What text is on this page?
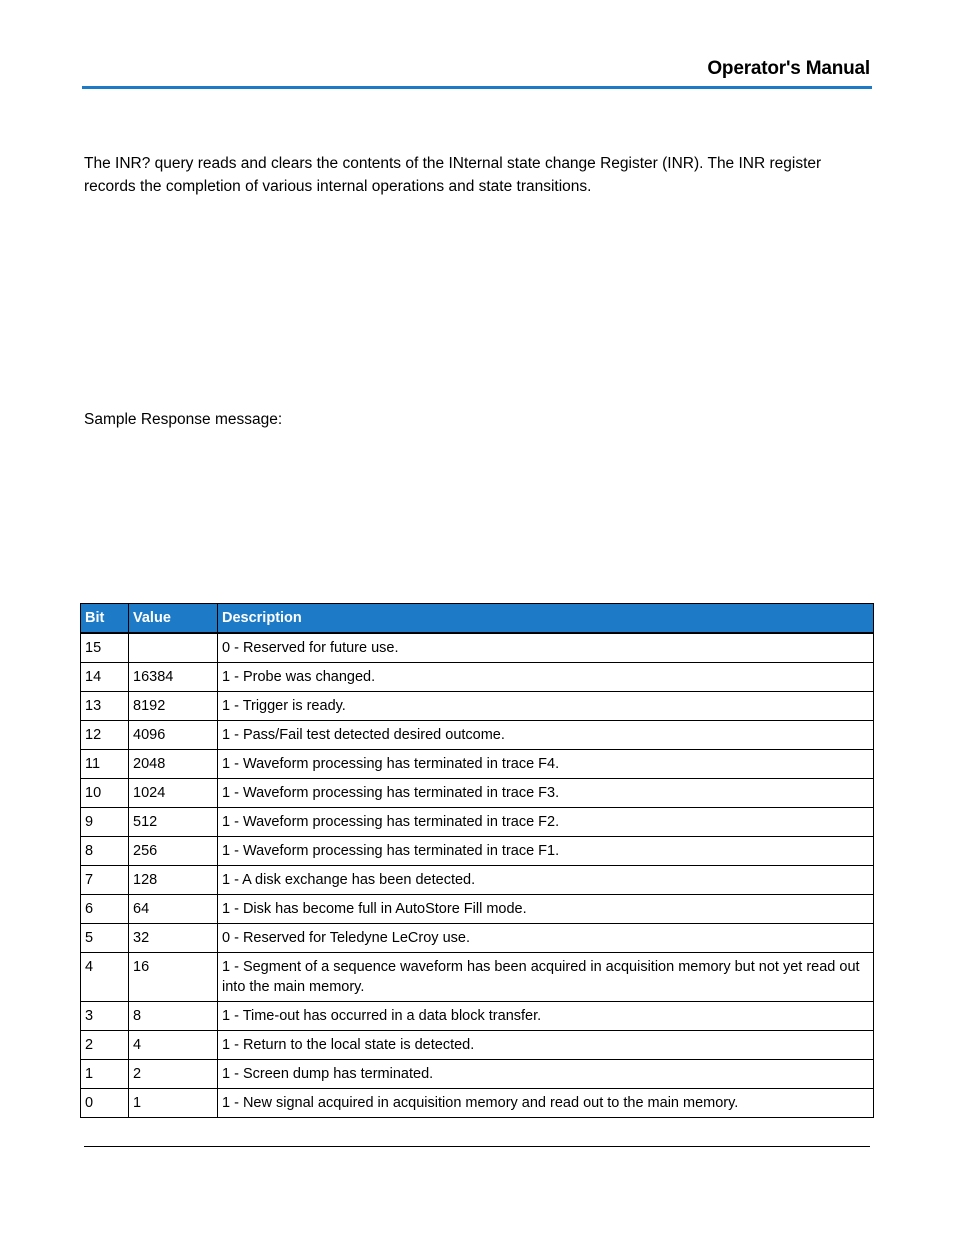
Operator's Manual

The INR? query reads and clears the contents of the INternal state change Register (INR). The INR register records the completion of various internal operations and state transitions.

Sample Response message:
Bit	Value	Description
15		0 - Reserved for future use.
14	16384	1 - Probe was changed.
13	8192	1 - Trigger is ready.
12	4096	1 - Pass/Fail test detected desired outcome.
11	2048	1 - Waveform processing has terminated in trace F4.
10	1024	1 - Waveform processing has terminated in trace F3.
9	512	1 - Waveform processing has terminated in trace F2.
8	256	1 - Waveform processing has terminated in trace F1.
7	128	1 - A disk exchange has been detected.
6	64	1 - Disk has become full in AutoStore Fill mode.
5	32	0 - Reserved for Teledyne LeCroy use.
4	16	1 - Segment of a sequence waveform has been acquired in acquisition memory but not yet read out into the main memory.
3	8	1 - Time-out has occurred in a data block transfer.
2	4	1 - Return to the local state is detected.
1	2	1 - Screen dump has terminated.
0	1	1 - New signal acquired in acquisition memory and read out to the main memory.
